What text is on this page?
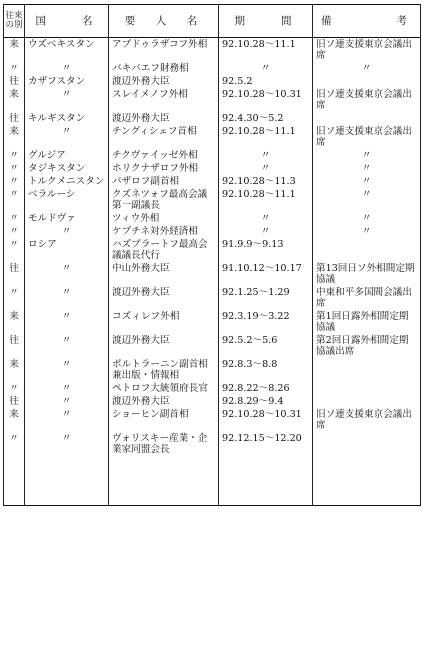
往来の別	国　　名	要　人　名	期　　間	備考
来	ウズベキスタン	アブドゥラザコフ外相	92.10.28～11.1	旧ソ連支援東京会議出席
〃	〃	バキバエフ財務相	〃	〃
往	カザフスタン	渡辺外務大臣	92.5.2	
来	〃	スレイメノフ外相	92.10.28～10.31	旧ソ連支援東京会議出席
往	キルギスタン	渡辺外務大臣	92.4.30～5.2	
来	〃	チングィシェフ首相	92.10.28～11.1	旧ソ連支援東京会議出席
〃	グルジア	チクヴァイッゼ外相	〃	〃
〃	タジキスタン	ホリクナザロフ外相	〃	〃
〃	トルクメニスタン	バザロフ副首相	92.10.28～11.3	〃
〃	ベラルーシ	クズネツォフ最高会議第一副議長	92.10.28～11.1	〃
〃	モルドヴァ	ツィウ外相	〃	〃
〃	〃	ケプチネ対外経済相	〃	〃
〃	ロシア	ハズブラートフ最高会議議長代行	91.9.9～9.13	
往	〃	中山外務大臣	91.10.12～10.17	第13回日ソ外相間定期協議
〃	〃	渡辺外務大臣	92.1.25～1.29	中東和平多国間会議出席
来	〃	コズィレフ外相	92.3.19～3.22	第1回日露外相間定期協議
往	〃	渡辺外務大臣	92.5.2～5.6	第2回日露外相間定期協議出席
来	〃	ポルトラーニン副首相兼出版・情報相	92.8.3～8.8	
〃	〃	ペトロフ大統領府長官	92.8.22～8.26	
往	〃	渡辺外務大臣	92.8.29～9.4	
来	〃	ショーヒン副首相	92.10.28～10.31	旧ソ連支援東京会議出席
〃	〃	ヴォリスキー産業・企業家同盟会長	92.12.15～12.20	
